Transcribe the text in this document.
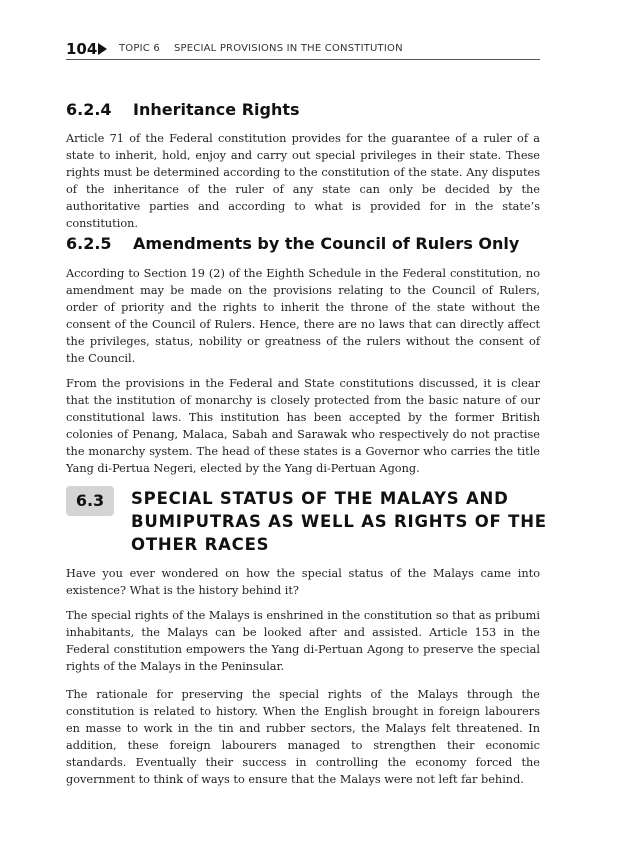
104 TOPIC 6 SPECIAL PROVISIONS IN THE CONSTITUTION
6.2.4 Inheritance Rights

Article 71 of the Federal constitution provides for the guarantee of a ruler of a state to inherit, hold, enjoy and carry out special privileges in their state. These rights must be determined according to the constitution of the state. Any disputes of the inheritance of the ruler of any state can only be decided by the authoritative parties and according to what is provided for in the state’s constitution.

6.2.5 Amendments by the Council of Rulers Only

According to Section 19 (2) of the Eighth Schedule in the Federal constitution, no amendment may be made on the provisions relating to the Council of Rulers, order of priority and the rights to inherit the throne of the state without the consent of the Council of Rulers. Hence, there are no laws that can directly affect the privileges, status, nobility or greatness of the rulers without the consent of the Council.

From the provisions in the Federal and State constitutions discussed, it is clear that the institution of monarchy is closely protected from the basic nature of our constitutional laws. This institution has been accepted by the former British colonies of Penang, Malaca, Sabah and Sarawak who respectively do not practise the monarchy system. The head of these states is a Governor who carries the title Yang di-Pertua Negeri, elected by the Yang di-Pertuan Agong.

6.3	SPECIAL STATUS OF THE MALAYS AND
BUMIPUTRAS AS WELL AS RIGHTS OF THE
OTHER RACES

Have you ever wondered on how the special status of the Malays came into existence? What is the history behind it?

The special rights of the Malays is enshrined in the constitution so that as pribumi inhabitants, the Malays can be looked after and assisted. Article 153 in the Federal constitution empowers the Yang di-Pertuan Agong to preserve the special rights of the Malays in the Peninsular.

The rationale for preserving the special rights of the Malays through the constitution is related to history. When the English brought in foreign labourers en masse to work in the tin and rubber sectors, the Malays felt threatened. In addition, these foreign labourers managed to strengthen their economic standards. Eventually their success in controlling the economy forced the government to think of ways to ensure that the Malays were not left far behind.
